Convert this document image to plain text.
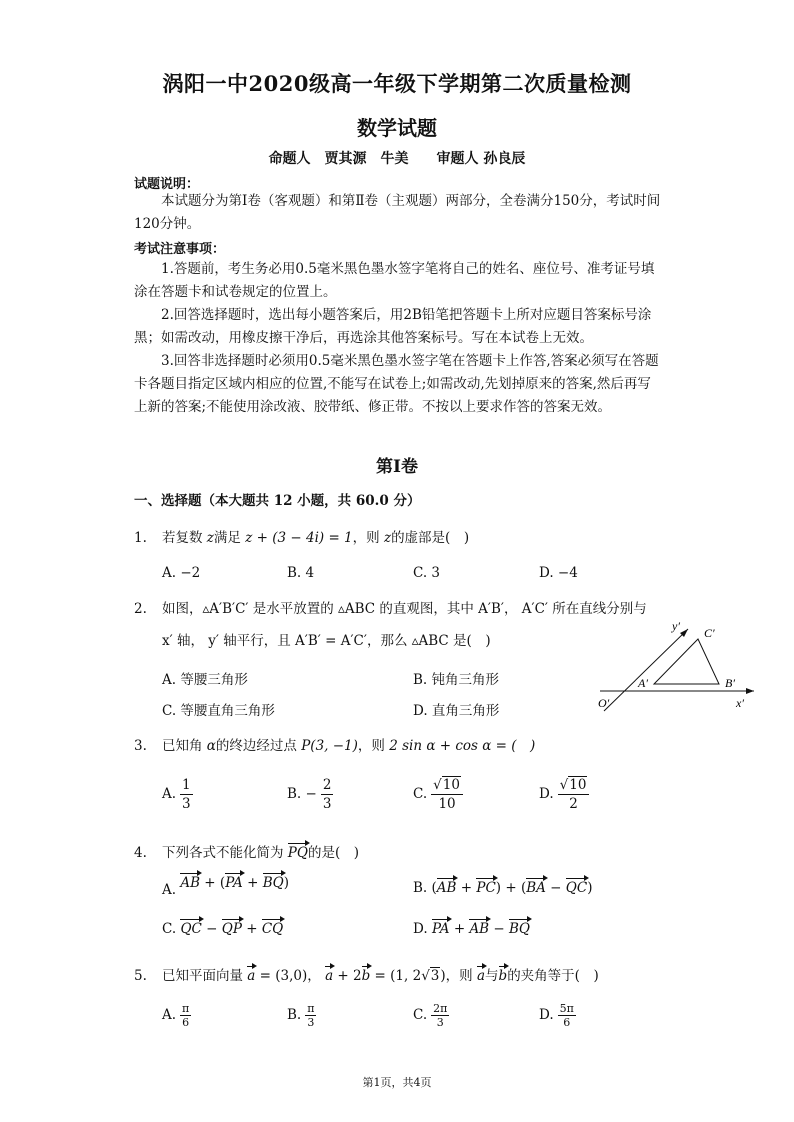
涡阳一中2020级高一年级下学期第二次质量检测
数学试题
命题人　贾其源　牛美　　审题人 孙良辰
试题说明：
本试题分为第Ⅰ卷（客观题）和第Ⅱ卷（主观题）两部分，全卷满分150分，考试时间120分钟。
考试注意事项：
1.答题前，考生务必用0.5毫米黑色墨水签字笔将自己的姓名、座位号、准考证号填涂在答题卡和试卷规定的位置上。
2.回答选择题时，选出每小题答案后，用2B铅笔把答题卡上所对应题目答案标号涂黑；如需改动，用橡皮擦干净后，再选涂其他答案标号。写在本试卷上无效。
3.回答非选择题时必须用0.5毫米黑色墨水签字笔在答题卡上作答,答案必须写在答题卡各题目指定区域内相应的位置,不能写在试卷上;如需改动,先划掉原来的答案,然后再写上新的答案;不能使用涂改液、胶带纸、修正带。不按以上要求作答的答案无效。
第Ⅰ卷
一、选择题（本大题共 12 小题，共 60.0 分）
1. 若复数 z满足 z + (3 − 4i) = 1，则 z的虚部是(　)
A. −2	B. 4	C. 3	D. −4
2. 如图，▵A′B′C′ 是水平放置的 ▵ABC 的直观图，其中 A′B′， A′C′ 所在直线分别与
x′ 轴， y′ 轴平行，且 A′B′ = A′C′，那么 ▵ABC 是(　)
A. 等腰三角形	B. 钝角三角形
C. 等腰直角三角形	D. 直角三角形
y′ C′
A′	B′
O′	x′
3. 已知角 α的终边经过点 P(3, −1)，则 2 sin α + cos α = (　)
A. $\frac{1}{3}$	B. − $\frac{2}{3}$	C. $\frac{√10}{10}$	D. $\frac{√10}{2}$
4. 下列各式不能化简为 PQ的是(　)
A. AB + (PA + BQ)	B. (AB + PC) + (BA − QC)
C. QC − QP + CQ	D. PA + AB − BQ
5. 已知平面向量 a = (3,0)， a + 2b = (1, 2√3)，则 a与b的夹角等于(　)
A. $\frac{\pi}{6}$	B. $\frac{\pi}{3}$	C. $\frac{2\pi}{3}$	D. $\frac{5\pi}{6}$
第1页，共4页
